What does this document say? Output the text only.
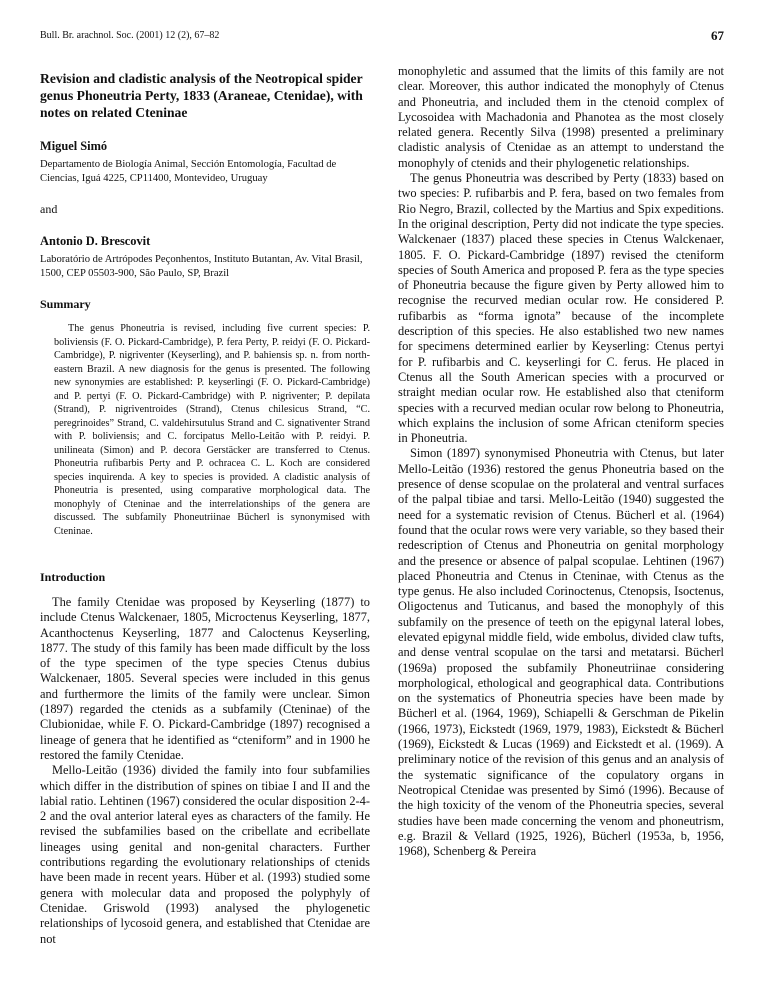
Bull. Br. arachnol. Soc. (2001) 12 (2), 67–82	67
Revision and cladistic analysis of the Neotropical spider genus Phoneutria Perty, 1833 (Araneae, Ctenidae), with notes on related Cteninae
Miguel Simó
Departamento de Biología Animal, Sección Entomología, Facultad de Ciencias, Iguá 4225, CP11400, Montevideo, Uruguay
and
Antonio D. Brescovit
Laboratório de Artrópodes Peçonhentos, Instituto Butantan, Av. Vital Brasil, 1500, CEP 05503-900, São Paulo, SP, Brazil
Summary
The genus Phoneutria is revised, including five current species: P. boliviensis (F. O. Pickard-Cambridge), P. fera Perty, P. reidyi (F. O. Pickard-Cambridge), P. nigriventer (Keyserling), and P. bahiensis sp. n. from north-eastern Brazil. A new diagnosis for the genus is presented. The following new synonymies are established: P. keyserlingi (F. O. Pickard-Cambridge) and P. pertyi (F. O. Pickard-Cambridge) with P. nigriventer; P. depilata (Strand), P. nigriventroides (Strand), Ctenus chilesicus Strand, “C. peregrinoides” Strand, C. valdehirsutulus Strand and C. signativenter Strand with P. boliviensis; and C. forcipatus Mello-Leitão with P. reidyi. P. unilineata (Simon) and P. decora Gerstäcker are transferred to Ctenus. Phoneutria rufibarbis Perty and P. ochracea C. L. Koch are considered species inquirenda. A key to species is provided. A cladistic analysis of Phoneutria is presented, using comparative morphological data. The monophyly of Cteninae and the interrelationships of the genera are discussed. The subfamily Phoneutriinae Bücherl is synonymised with Cteninae.
Introduction

The family Ctenidae was proposed by Keyserling (1877) to include Ctenus Walckenaer, 1805, Microctenus Keyserling, 1877, Acanthoctenus Keyserling, 1877 and Caloctenus Keyserling, 1877. The study of this family has been made difficult by the loss of the type specimen of the type species Ctenus dubius Walckenaer, 1805. Several species were included in this genus and furthermore the limits of the family were unclear. Simon (1897) regarded the ctenids as a subfamily (Cteninae) of the Clubionidae, while F. O. Pickard-Cambridge (1897) recognised a lineage of genera that he identified as “cteniform” and in 1900 he restored the family Ctenidae.

Mello-Leitão (1936) divided the family into four subfamilies which differ in the distribution of spines on tibiae I and II and the labial ratio. Lehtinen (1967) considered the ocular disposition 2-4-2 and the oval anterior lateral eyes as characters of the family. He revised the subfamilies based on the cribellate and ecribellate lineages using genital and non-genital characters. Further contributions regarding the evolutionary relationships of ctenids have been made in recent years. Hüber et al. (1993) studied some genera with molecular data and proposed the polyphyly of Ctenidae. Griswold (1993) analysed the phylogenetic relationships of lycosoid genera, and established that Ctenidae are not

monophyletic and assumed that the limits of this family are not clear. Moreover, this author indicated the monophyly of Ctenus and Phoneutria, and included them in the ctenoid complex of Lycosoidea with Machadonia and Phanotea as the most closely related genera. Recently Silva (1998) presented a preliminary cladistic analysis of Ctenidae as an attempt to understand the monophyly of ctenids and their phylogenetic relationships.

The genus Phoneutria was described by Perty (1833) based on two species: P. rufibarbis and P. fera, based on two females from Rio Negro, Brazil, collected by the Martius and Spix expeditions. In the original description, Perty did not indicate the type species. Walckenaer (1837) placed these species in Ctenus Walckenaer, 1805. F. O. Pickard-Cambridge (1897) revised the cteniform species of South America and proposed P. fera as the type species of Phoneutria because the figure given by Perty allowed him to recognise the recurved median ocular row. He considered P. rufibarbis as “forma ignota” because of the incomplete description of this species. He also established two new names for specimens determined earlier by Keyserling: Ctenus pertyi for P. rufibarbis and C. keyserlingi for C. ferus. He placed in Ctenus all the South American species with a procurved or straight median ocular row. He established also that cteniform species with a recurved median ocular row belong to Phoneutria, which explains the inclusion of some African cteniform species in Phoneutria.

Simon (1897) synonymised Phoneutria with Ctenus, but later Mello-Leitão (1936) restored the genus Phoneutria based on the presence of dense scopulae on the prolateral and ventral surfaces of the palpal tibiae and tarsi. Mello-Leitão (1940) suggested the need for a systematic revision of Ctenus. Bücherl et al. (1964) found that the ocular rows were very variable, so they based their redescription of Ctenus and Phoneutria on genital morphology and the presence or absence of palpal scopulae. Lehtinen (1967) placed Phoneutria and Ctenus in Cteninae, with Ctenus as the type genus. He also included Corinoctenus, Ctenopsis, Isoctenus, Oligoctenus and Tuticanus, and based the monophyly of this subfamily on the presence of teeth on the epigynal lateral lobes, elevated epigynal middle field, wide embolus, divided claw tufts, and dense ventral scopulae on the tarsi and metatarsi. Bücherl (1969a) proposed the subfamily Phoneutriinae considering morphological, ethological and geographical data. Contributions on the systematics of Phoneutria species have been made by Bücherl et al. (1964, 1969), Schiapelli & Gerschman de Pikelin (1966, 1973), Eickstedt (1969, 1979, 1983), Eickstedt & Bücherl (1969), Eickstedt & Lucas (1969) and Eickstedt et al. (1969). A preliminary notice of the revision of this genus and an analysis of the systematic significance of the copulatory organs in Neotropical Ctenidae was presented by Simó (1996). Because of the high toxicity of the venom of the Phoneutria species, several studies have been made concerning the venom and phoneutrism, e.g. Brazil & Vellard (1925, 1926), Bücherl (1953a, b, 1956, 1968), Schenberg & Pereira
